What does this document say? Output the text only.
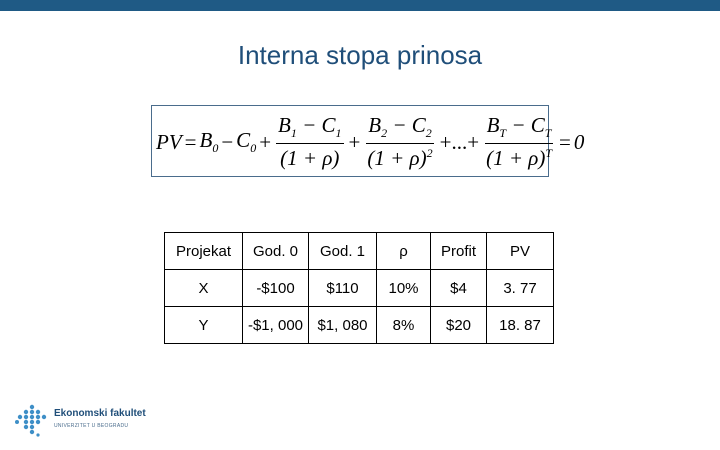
Interna stopa prinosa
PV = $B_0 - C_0 + \frac{B_1 - C_1}{(1 + \rho)} + \frac{B_2 - C_2}{(1 + \rho)^2}$ +...+ $\frac{B_T - C_T}{(1 + \rho)^T} = 0$
Projekat	God. 0	God. 1	ρ	Profit	PV
X	-$100	$110	10%	$4	3. 77
Y	-$1, 000	$1, 080	8%	$20	18. 87
Ekonomski fakultet
UNIVERZITET U BEOGRADU
